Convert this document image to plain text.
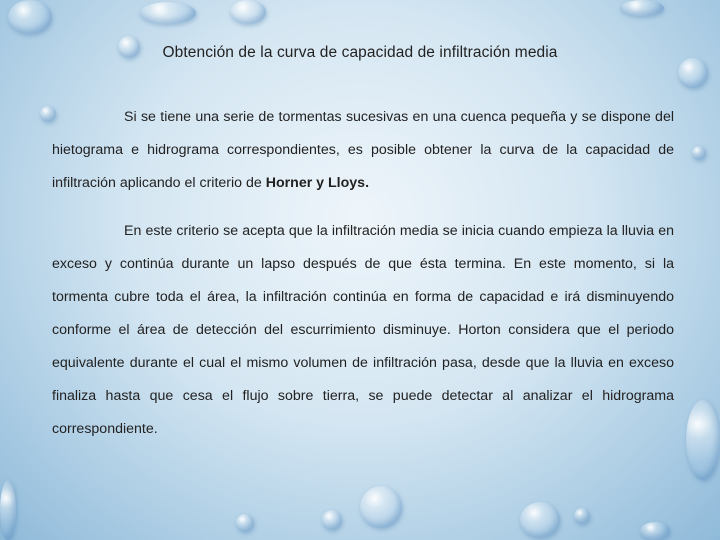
Obtención de la curva de capacidad de infiltración media
Si se tiene una serie de tormentas sucesivas en una cuenca pequeña y se dispone del hietograma e hidrograma correspondientes, es posible obtener la curva de la capacidad de infiltración aplicando el criterio de Horner y Lloys.
En este criterio se acepta que la infiltración media se inicia cuando empieza la lluvia en exceso y continúa durante un lapso después de que ésta termina. En este momento, si la tormenta cubre toda el área, la infiltración continúa en forma de capacidad e irá disminuyendo conforme el área de detección del escurrimiento disminuye. Horton considera que el periodo equivalente durante el cual el mismo volumen de infiltración pasa, desde que la lluvia en exceso finaliza hasta que cesa el flujo sobre tierra, se puede detectar al analizar el hidrograma correspondiente.
